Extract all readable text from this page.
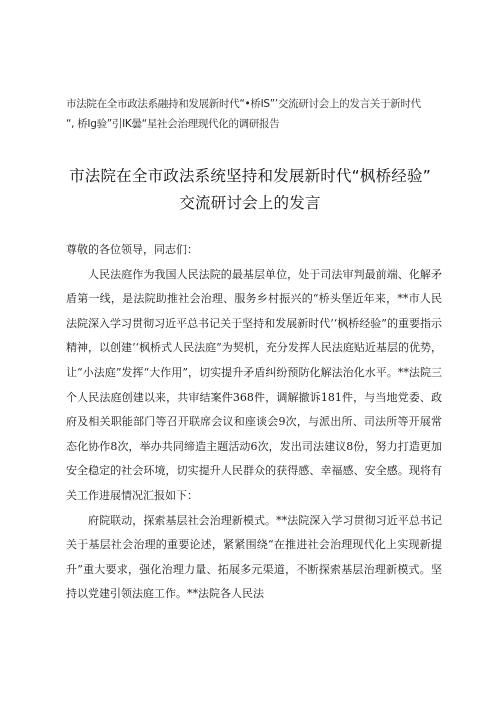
市法院在全市政法系融持和发展新时代“•桥IS”’交流研讨会上的发言关于新时代
“, 桥Ig验”引IK曇“星社会治理现代化的调研报告
市法院在全市政法系统坚持和发展新时代“枫桥经验”
交流研讨会上的发言

尊敬的各位领导，同志们：

人民法庭作为我国人民法院的最基层单位，处于司法审判最前端、化解矛盾第一线，是法院助推社会治理、服务乡村振兴的“桥头堡近年来，**市人民法院深入学习贯彻习近平总书记关于坚持和发展新时代’‘枫桥经验”的重要指示精神，以创建’‘枫桥式人民法庭”为契机，充分发挥人民法庭贴近基层的优势，让“小法庭”发挥“大作用”，切实提升矛盾纠纷预防化解法治化水平。**法院三个人民法庭创建以来，共审结案件368件，调解撤诉181件，与当地党委、政府及相关职能部门等召开联席会议和座谈会9次，与派出所、司法所等开展常态化协作8次，举办共同缔造主题活动6次，发出司法建议8份，努力打造更加安全稳定的社会环境，切实提升人民群众的获得感、幸福感、安全感。现将有关工作进展情况汇报如下：

府院联动，探索基层社会治理新模式。**法院深入学习贯彻习近平总书记关于基层社会治理的重要论述，紧紧围绕“在推进社会治理现代化上实现新提升”重大要求，强化治理力量、拓展多元渠道，不断探索基层治理新模式。坚持以党建引领法庭工作。**法院各人民法
